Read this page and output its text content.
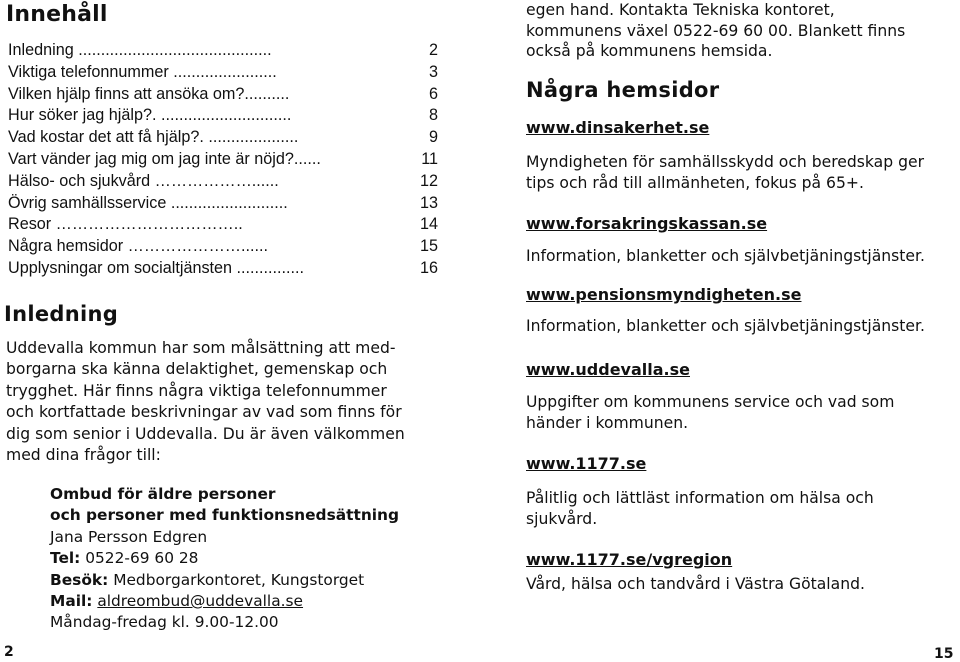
Innehåll
Inledning ...........................................	2
Viktiga telefonnummer .......................	3
Vilken hjälp finns att ansöka om?..........	6
Hur söker jag hjälp?. .............................	8
Vad kostar det att få hjälp?. ....................	9
Vart vänder jag mig om jag inte är nöjd?......	11
Hälso- och sjukvård ………………......	12
Övrig samhällsservice ..........................	13
Resor ……………………………..	14
Några hemsidor …………………......	15
Upplysningar om socialtjänsten ...............	16
Inledning
Uddevalla kommun har som målsättning att med-
borgarna ska känna delaktighet, gemenskap och
trygghet. Här finns några viktiga telefonnummer
och kortfattade beskrivningar av vad som finns för
dig som senior i Uddevalla. Du är även välkommen
med dina frågor till:
Ombud för äldre personer
och personer med funktionsnedsättning
Jana Persson Edgren
Tel: 0522-69 60 28
Besök: Medborgarkontoret, Kungstorget
Mail: aldreombud@uddevalla.se
Måndag-fredag kl. 9.00-12.00
2
egen hand. Kontakta Tekniska kontoret,
kommunens växel 0522-69 60 00. Blankett finns
också på kommunens hemsida.
Några hemsidor
www.dinsakerhet.se
Myndigheten för samhällsskydd och beredskap ger
tips och råd till allmänheten, fokus på 65+.
www.forsakringskassan.se
Information, blanketter och självbetjäningstjänster.
www.pensionsmyndigheten.se
Information, blanketter och självbetjäningstjänster.
www.uddevalla.se
Uppgifter om kommunens service och vad som
händer i kommunen.
www.1177.se
Pålitlig och lättläst information om hälsa och
sjukvård.
www.1177.se/vgregion
Vård, hälsa och tandvård i Västra Götaland.
15
